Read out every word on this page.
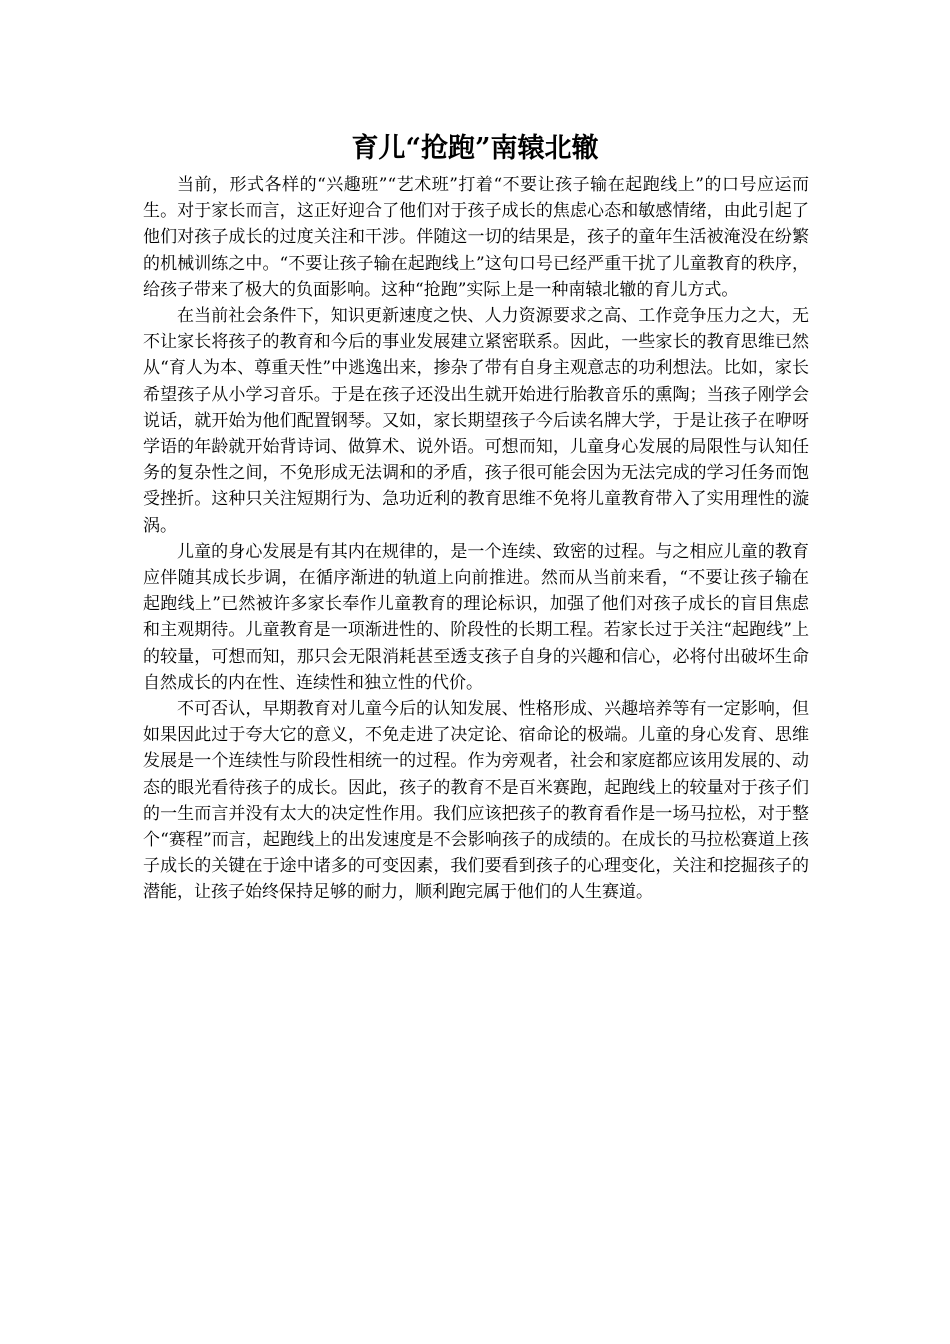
育儿“抢跑”南辕北辙

当前，形式各样的“兴趣班”“艺术班”打着“不要让孩子输在起跑线上”的口号应运而生。对于家长而言，这正好迎合了他们对于孩子成长的焦虑心态和敏感情绪，由此引起了他们对孩子成长的过度关注和干涉。伴随这一切的结果是，孩子的童年生活被淹没在纷繁的机械训练之中。“不要让孩子输在起跑线上”这句口号已经严重干扰了儿童教育的秩序，给孩子带来了极大的负面影响。这种“抢跑”实际上是一种南辕北辙的育儿方式。

在当前社会条件下，知识更新速度之快、人力资源要求之高、工作竞争压力之大，无不让家长将孩子的教育和今后的事业发展建立紧密联系。因此，一些家长的教育思维已然从“育人为本、尊重天性”中逃逸出来，掺杂了带有自身主观意志的功利想法。比如，家长希望孩子从小学习音乐。于是在孩子还没出生就开始进行胎教音乐的熏陶；当孩子刚学会说话，就开始为他们配置钢琴。又如，家长期望孩子今后读名牌大学，于是让孩子在咿呀学语的年龄就开始背诗词、做算术、说外语。可想而知，儿童身心发展的局限性与认知任务的复杂性之间，不免形成无法调和的矛盾，孩子很可能会因为无法完成的学习任务而饱受挫折。这种只关注短期行为、急功近利的教育思维不免将儿童教育带入了实用理性的漩涡。

儿童的身心发展是有其内在规律的，是一个连续、致密的过程。与之相应儿童的教育应伴随其成长步调，在循序渐进的轨道上向前推进。然而从当前来看，“不要让孩子输在起跑线上”已然被许多家长奉作儿童教育的理论标识，加强了他们对孩子成长的盲目焦虑和主观期待。儿童教育是一项渐进性的、阶段性的长期工程。若家长过于关注“起跑线”上的较量，可想而知，那只会无限消耗甚至透支孩子自身的兴趣和信心，必将付出破坏生命自然成长的内在性、连续性和独立性的代价。

不可否认，早期教育对儿童今后的认知发展、性格形成、兴趣培养等有一定影响，但如果因此过于夸大它的意义，不免走进了决定论、宿命论的极端。儿童的身心发育、思维发展是一个连续性与阶段性相统一的过程。作为旁观者，社会和家庭都应该用发展的、动态的眼光看待孩子的成长。因此，孩子的教育不是百米赛跑，起跑线上的较量对于孩子们的一生而言并没有太大的决定性作用。我们应该把孩子的教育看作是一场马拉松，对于整个“赛程”而言，起跑线上的出发速度是不会影响孩子的成绩的。在成长的马拉松赛道上孩子成长的关键在于途中诸多的可变因素，我们要看到孩子的心理变化，关注和挖掘孩子的潜能，让孩子始终保持足够的耐力，顺利跑完属于他们的人生赛道。
